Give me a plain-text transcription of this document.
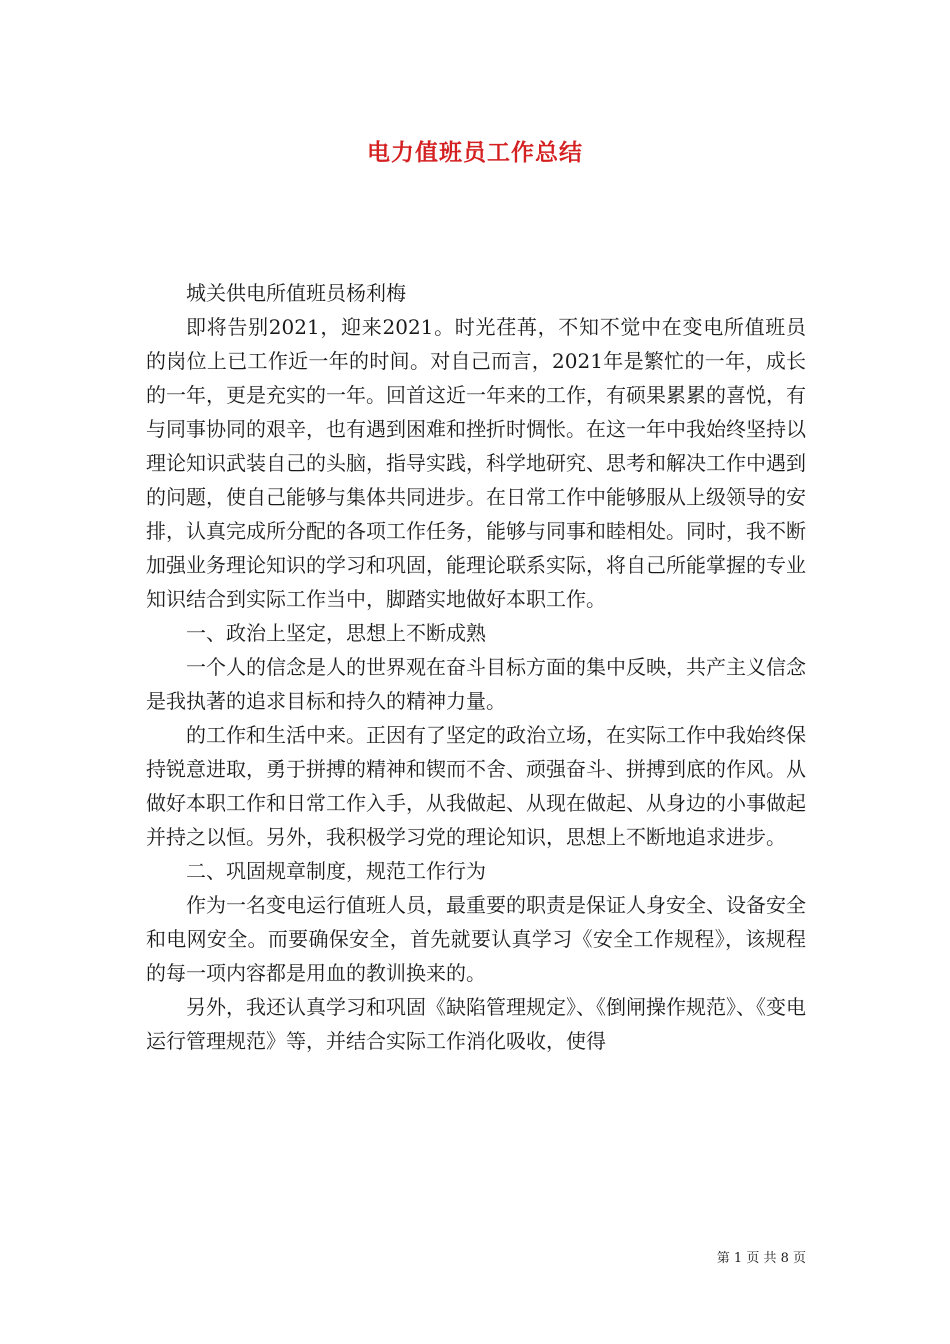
电力值班员工作总结

城关供电所值班员杨利梅

即将告别2021，迎来2021。时光荏苒，不知不觉中在变电所值班员的岗位上已工作近一年的时间。对自己而言，2021年是繁忙的一年，成长的一年，更是充实的一年。回首这近一年来的工作，有硕果累累的喜悦，有与同事协同的艰辛，也有遇到困难和挫折时惆怅。在这一年中我始终坚持以理论知识武装自己的头脑，指导实践，科学地研究、思考和解决工作中遇到的问题，使自己能够与集体共同进步。在日常工作中能够服从上级领导的安排，认真完成所分配的各项工作任务，能够与同事和睦相处。同时，我不断加强业务理论知识的学习和巩固，能理论联系实际，将自己所能掌握的专业知识结合到实际工作当中，脚踏实地做好本职工作。

一、政治上坚定，思想上不断成熟

一个人的信念是人的世界观在奋斗目标方面的集中反映，共产主义信念是我执著的追求目标和持久的精神力量。

的工作和生活中来。正因有了坚定的政治立场，在实际工作中我始终保持锐意进取，勇于拼搏的精神和锲而不舍、顽强奋斗、拼搏到底的作风。从做好本职工作和日常工作入手，从我做起、从现在做起、从身边的小事做起并持之以恒。另外，我积极学习党的理论知识，思想上不断地追求进步。

二、巩固规章制度，规范工作行为

作为一名变电运行值班人员，最重要的职责是保证人身安全、设备安全和电网安全。而要确保安全，首先就要认真学习《安全工作规程》，该规程的每一项内容都是用血的教训换来的。

另外，我还认真学习和巩固《缺陷管理规定》、《倒闸操作规范》、《变电运行管理规范》等，并结合实际工作消化吸收，使得

第 1 页 共 8 页
